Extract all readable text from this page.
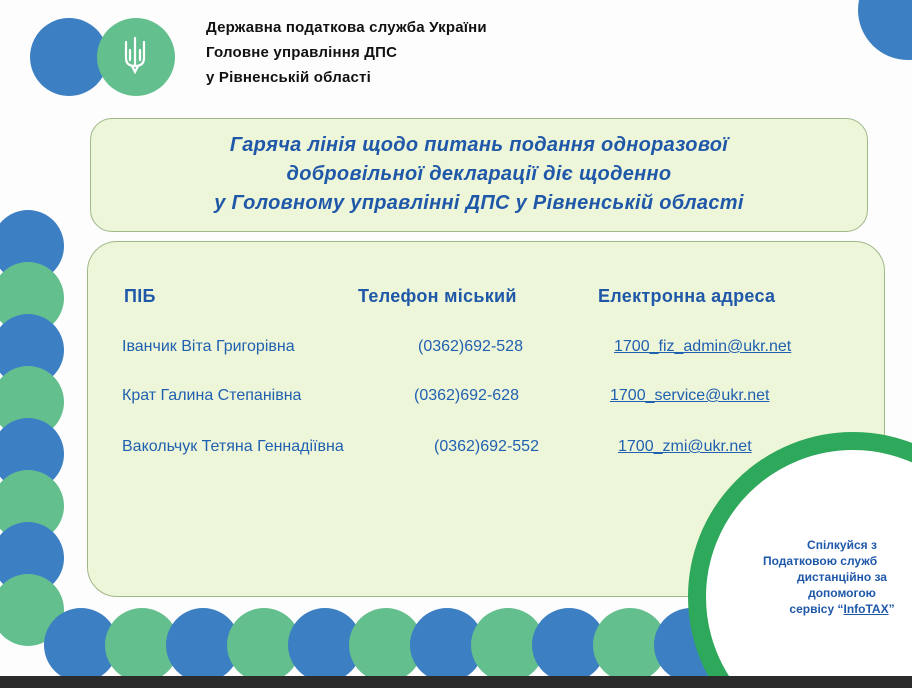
Державна податкова служба України
Головне управління ДПС
у Рівненській області
Гаряча лінія щодо питань подання одноразової
добровільної декларації діє щоденно
у Головному управлінні ДПС у Рівненській області
ПІБ	Телефон міський	Електронна адреса
Іванчик Віта Григорівна	(0362)692-528	1700_fiz_admin@ukr.net
Крат Галина Степанівна	(0362)692-628	1700_service@ukr.net
Вакольчук Тетяна Геннадіївна	(0362)692-552	1700_zmi@ukr.net
Спілкуйся з
Податковою служб
дистанційно за
допомогою
сервісу “InfoTAX”
